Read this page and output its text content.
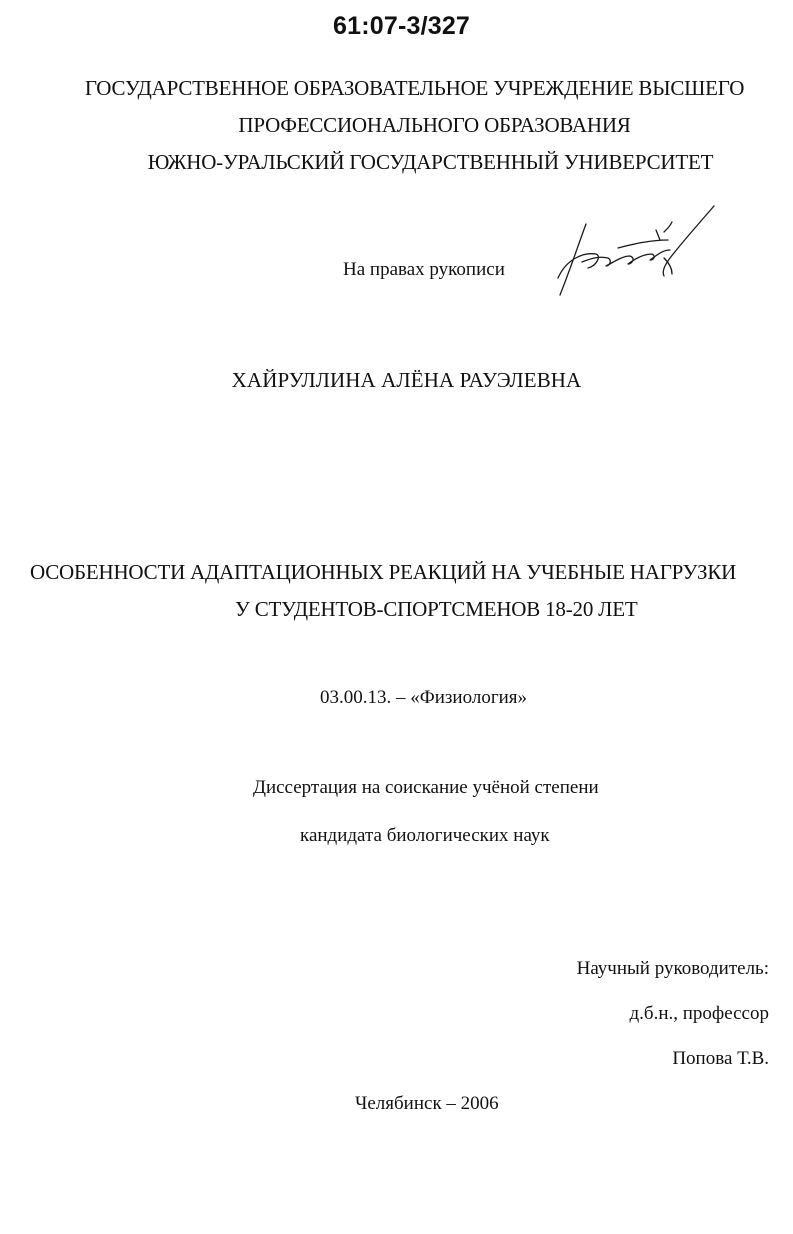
61:07-3/327
ГОСУДАРСТВЕННОЕ ОБРАЗОВАТЕЛЬНОЕ УЧРЕЖДЕНИЕ ВЫСШЕГО
ПРОФЕССИОНАЛЬНОГО ОБРАЗОВАНИЯ
ЮЖНО-УРАЛЬСКИЙ ГОСУДАРСТВЕННЫЙ УНИВЕРСИТЕТ
На правах рукописи
ХАЙРУЛЛИНА АЛЁНА РАУЭЛЕВНА
ОСОБЕННОСТИ АДАПТАЦИОННЫХ РЕАКЦИЙ НА УЧЕБНЫЕ НАГРУЗКИ
У СТУДЕНТОВ-СПОРТСМЕНОВ 18-20 ЛЕТ
03.00.13. – «Физиология»
Диссертация на соискание учёной степени
кандидата биологических наук
Научный руководитель:
д.б.н., профессор
Попова Т.В.
Челябинск – 2006
